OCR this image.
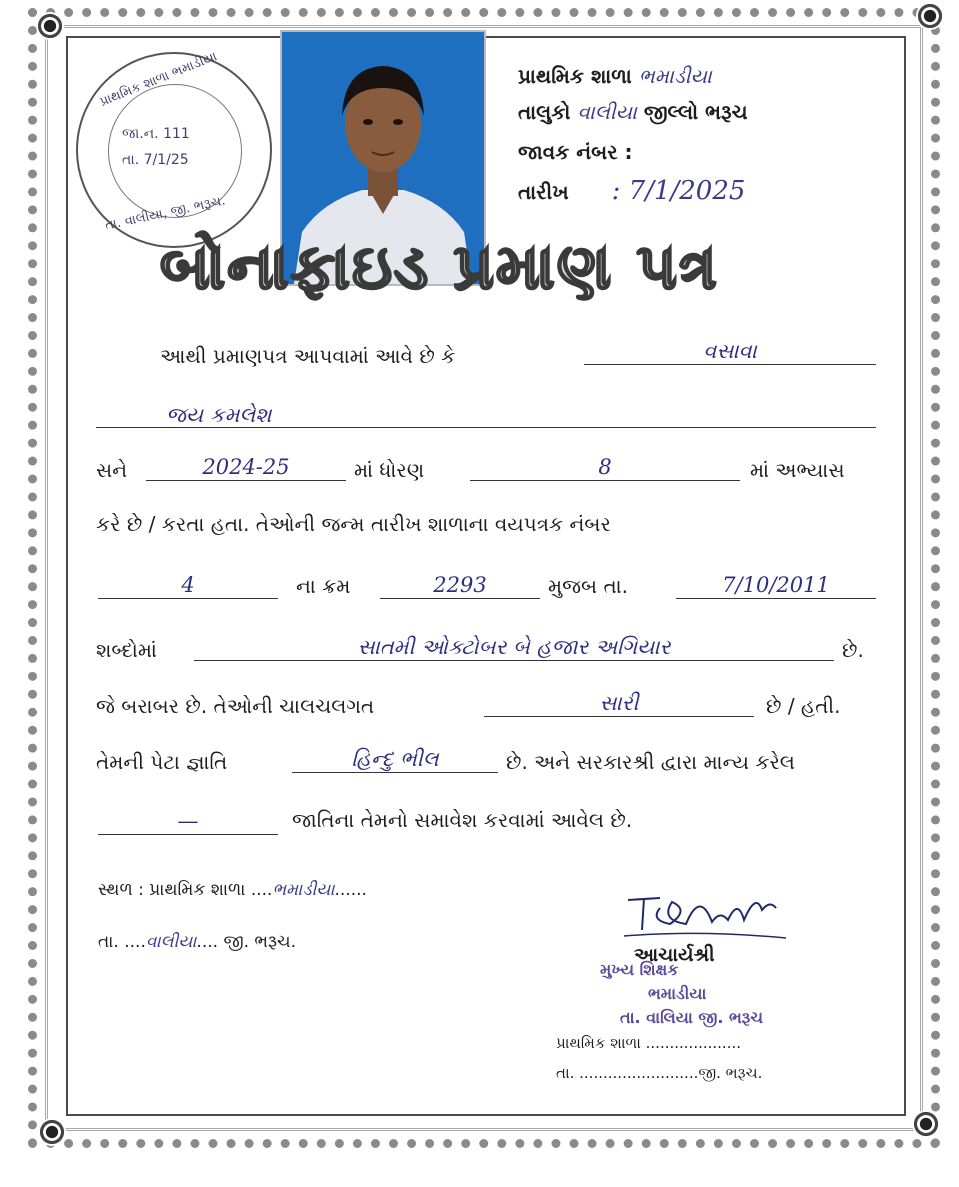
પ્રાથમિક શાળા ભમાડીયા
જા.ન. 111
તા. 7/1/25
તા. વાલીયા, જી. ભરૂચ.
પ્રાથમિક શાળા ભમાડીયા
તાલુકો વાલીયા જીલ્લો ભરૂચ
જાવક નંબર :
તારીખ : 7/1/2025
બોનાફાઇડ પ્રમાણ પત્ર
આથી પ્રમાણપત્ર આપવામાં આવે છે કે	વસાવા
જય કમલેશ
સને	2024-25	માં ધોરણ	8	માં અભ્યાસ
કરે છે / કરતા હતા. તેઓની જન્મ તારીખ શાળાના વયપત્રક નંબર
4	ના ક્રમ	2293	મુજબ તા.	7/10/2011
શબ્દોમાં	સાતમી ઓક્ટોબર બે હજાર અગિયાર	છે.
જે બરાબર છે. તેઓની ચાલચલગત	સારી	છે / હતી.
તેમની પેટા જ્ઞાતિ	હિન્દુ ભીલ	છે. અને સરકારશ્રી દ્વારા માન્ય કરેલ
—	જાતિના તેમનો સમાવેશ કરવામાં આવેલ છે.
સ્થળ : પ્રાથમિક શાળા ....ભમાડીયા......
તા. ....વાલીયા.... જી. ભરૂચ.
આચાર્યશ્રી
મુખ્ય શિક્ષક
ભમાડીયા
તા. વાલિયા જી. ભરૂચ
પ્રાથમિક શાળા ....................
તા. .........................જી. ભરૂચ.
